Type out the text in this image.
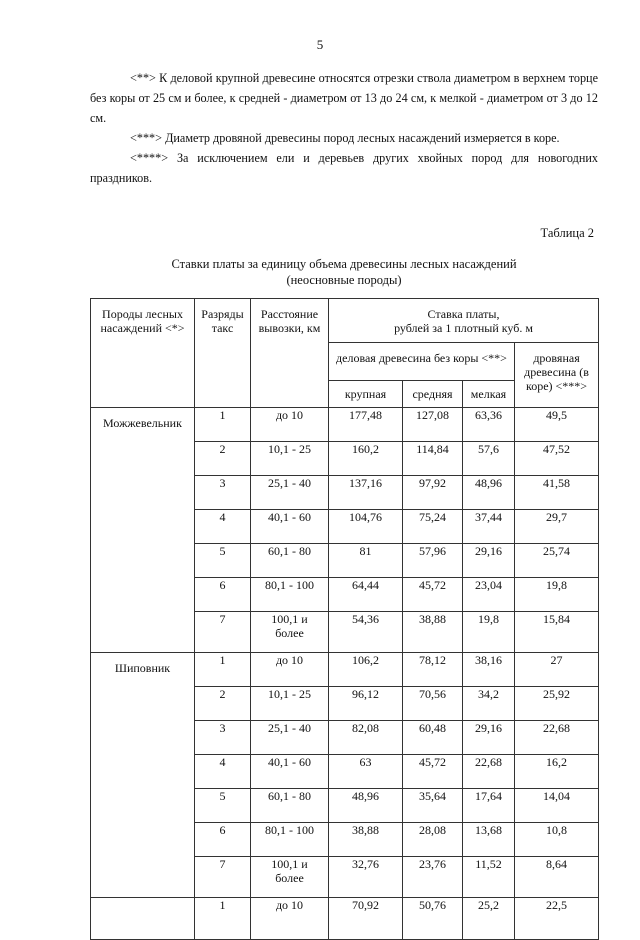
5

<**> К деловой крупной древесине относятся отрезки ствола диаметром в верхнем торце без коры от 25 см и более, к средней - диаметром от 13 до 24 см, к мелкой - диаметром от 3 до 12 см.

<***> Диаметр дровяной древесины пород лесных насаждений измеряется в коре.

<****> За исключением ели и деревьев других хвойных пород для новогодних праздников.

Таблица 2
Ставки платы за единицу объема древесины лесных насаждений
(неосновные породы)
Породы лесных насаждений <*>	Разряды такс	Расстояние вывозки, км	Ставка платы,
рублей за 1 плотный куб. м			

			деловая древесина без коры <**>			дровяная древесина (в коре) <***>
			крупная	средняя	мелкая	
Можжевельник	1	до 10	177,48	127,08	63,36	49,5
	2	10,1 - 25	160,2	114,84	57,6	47,52
	3	25,1 - 40	137,16	97,92	48,96	41,58
	4	40,1 - 60	104,76	75,24	37,44	29,7
	5	60,1 - 80	81	57,96	29,16	25,74
	6	80,1 - 100	64,44	45,72	23,04	19,8
	7	100,1 и более	54,36	38,88	19,8	15,84
Шиповник	1	до 10	106,2	78,12	38,16	27
	2	10,1 - 25	96,12	70,56	34,2	25,92
	3	25,1 - 40	82,08	60,48	29,16	22,68
	4	40,1 - 60	63	45,72	22,68	16,2
	5	60,1 - 80	48,96	35,64	17,64	14,04
	6	80,1 - 100	38,88	28,08	13,68	10,8
	7	100,1 и более	32,76	23,76	11,52	8,64
	1	до 10	70,92	50,76	25,2	22,5
